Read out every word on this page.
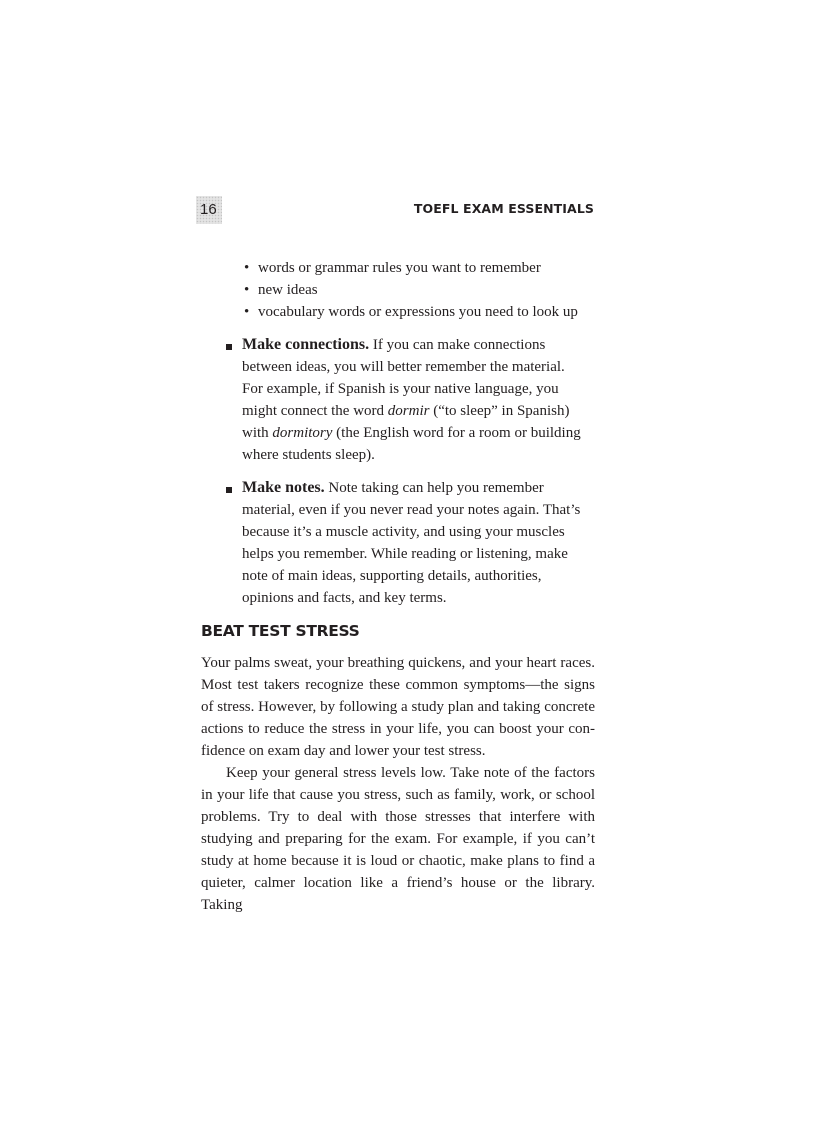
16	TOEFL EXAM ESSENTIALS
• words or grammar rules you want to remember
• new ideas
• vocabulary words or expressions you need to look up
Make connections. If you can make connections
between ideas, you will better remember the material.
For example, if Spanish is your native language, you
might connect the word dormir (“to sleep” in Spanish)
with dormitory (the English word for a room or building
where students sleep).
Make notes. Note taking can help you remember
material, even if you never read your notes again. That’s
because it’s a muscle activity, and using your muscles
helps you remember. While reading or listening, make
note of main ideas, supporting details, authorities,
opinions and facts, and key terms.
BEAT TEST STRESS
Your palms sweat, your breathing quickens, and your heart races.
Most test takers recognize these common symptoms—the signs
of stress. However, by following a study plan and taking concrete
actions to reduce the stress in your life, you can boost your con-
fidence on exam day and lower your test stress.
Keep your general stress levels low. Take note of the factors
in your life that cause you stress, such as family, work, or school
problems. Try to deal with those stresses that interfere with
studying and preparing for the exam. For example, if you can’t
study at home because it is loud or chaotic, make plans to find a
quieter, calmer location like a friend’s house or the library. Taking
